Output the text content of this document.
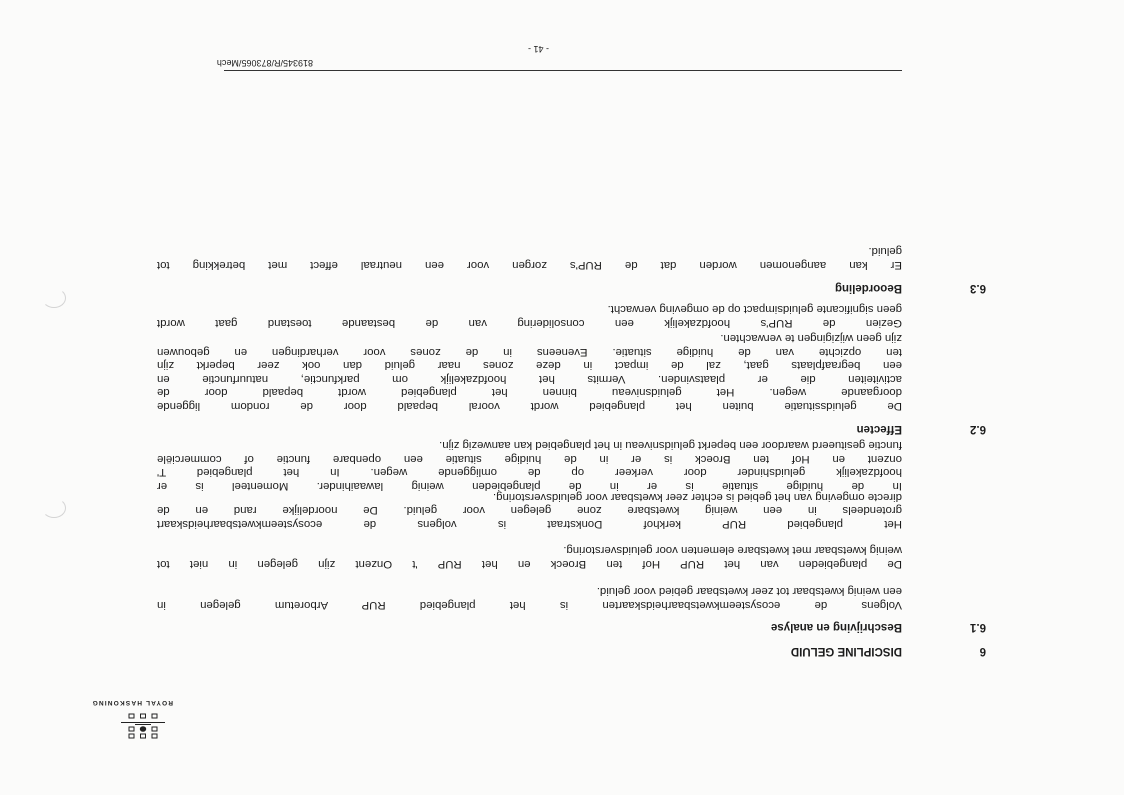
ROYAL HASKONING
6
DISCIPLINE GELUID
6.1
Beschrijving en analyse

Volgens de ecosysteemkwetsbaarheidskaarten is het plangebied RUP Arboretum gelegen in
een weinig kwetsbaar tot zeer kwetsbaar gebied voor geluid.

De plangebieden van het RUP Hof ten Broeck en het RUP 't Onzent zijn gelegen in niet tot
weinig kwetsbaar met kwetsbare elementen voor geluidsverstoring.

Het plangebied RUP kerkhof Donkstraat is volgens de ecosysteemkwetsbaarheidskaart
grotendeels in een weinig kwetsbare zone gelegen voor geluid. De noordelijke rand en de
directe omgeving van het gebied is echter zeer kwetsbaar voor geluidsverstoring.

In de huidige situatie is er in de plangebieden weinig lawaaihinder. Momenteel is er
hoofdzakelijk geluidshinder door verkeer op de omliggende wegen. In het plangebied T'
onzent en Hof ten Broeck is er in de huidige situatie een openbare functie of commerciële
functie gesitueerd waardoor een beperkt geluidsniveau in het plangebied kan aanwezig zijn.

6.2
Effecten

De geluidssituatie buiten het plangebied wordt vooral bepaald door de rondom liggende
doorgaande wegen. Het geluidsniveau binnen het plangebied wordt bepaald door de
activiteiten die er plaatsvinden. Vermits het hoofdzakelijk om parkfunctie, natuurfunctie en
een begraafplaats gaat, zal de impact in deze zones naar geluid dan ook zeer beperkt zijn
ten opzichte van de huidige situatie. Eveneens in de zones voor verhardingen en gebouwen
zijn geen wijzigingen te verwachten.

Gezien de RUP's hoofdzakelijk een consolidering van de bestaande toestand gaat wordt
geen significante geluidsimpact op de omgeving verwacht.

6.3
Beoordeling

Er kan aangenomen worden dat de RUP's zorgen voor een neutraal effect met betrekking tot
geluid.

819345/R/873065/Mech
- 41 -
